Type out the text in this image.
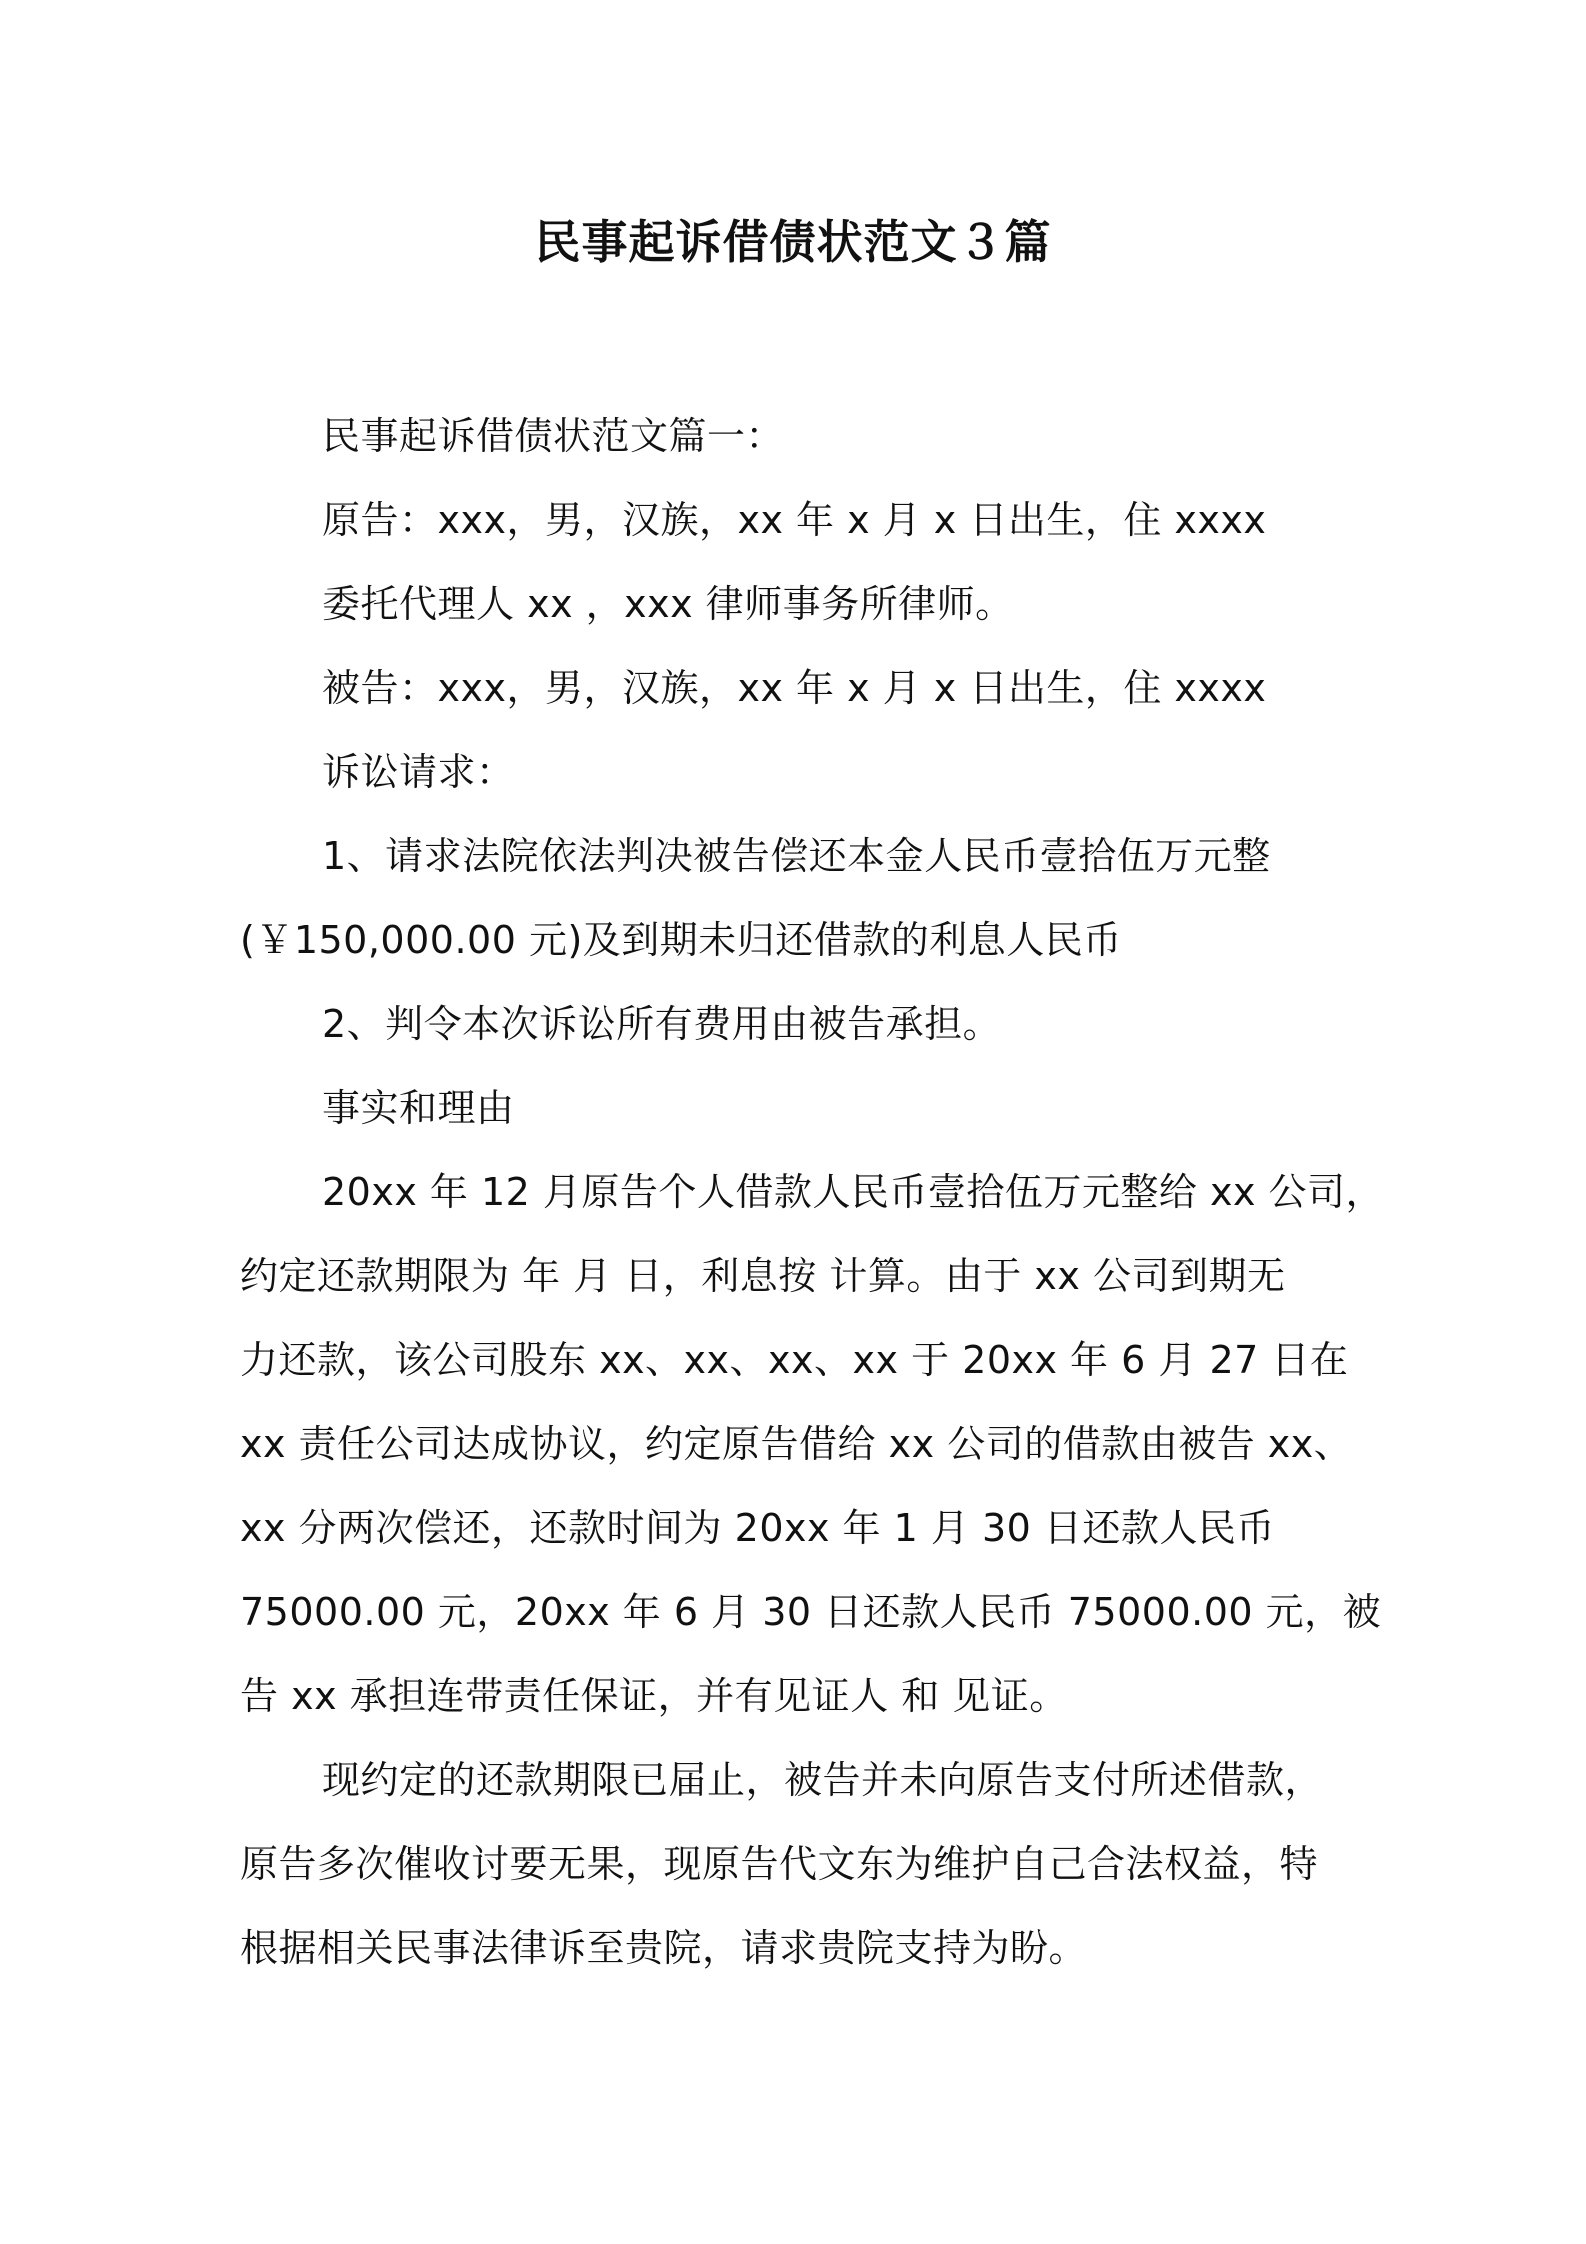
民事起诉借债状范文３篇
民事起诉借债状范文篇一：
原告：xxx，男，汉族，xx 年 x 月 x 日出生，住 xxxx
委托代理人 xx ，xxx 律师事务所律师。
被告：xxx，男，汉族，xx 年 x 月 x 日出生，住 xxxx
诉讼请求：
1、请求法院依法判决被告偿还本金人民币壹拾伍万元整
(￥150,000.00 元)及到期未归还借款的利息人民币
2、判令本次诉讼所有费用由被告承担。
事实和理由
20xx 年 12 月原告个人借款人民币壹拾伍万元整给 xx 公司，
约定还款期限为 年 月 日，利息按 计算。由于 xx 公司到期无
力还款，该公司股东 xx、xx、xx、xx 于 20xx 年 6 月 27 日在
xx 责任公司达成协议，约定原告借给 xx 公司的借款由被告 xx、
xx 分两次偿还，还款时间为 20xx 年 1 月 30 日还款人民币
75000.00 元，20xx 年 6 月 30 日还款人民币 75000.00 元，被
告 xx 承担连带责任保证，并有见证人 和 见证。
现约定的还款期限已届止，被告并未向原告支付所述借款，
原告多次催收讨要无果，现原告代文东为维护自己合法权益，特
根据相关民事法律诉至贵院，请求贵院支持为盼。
